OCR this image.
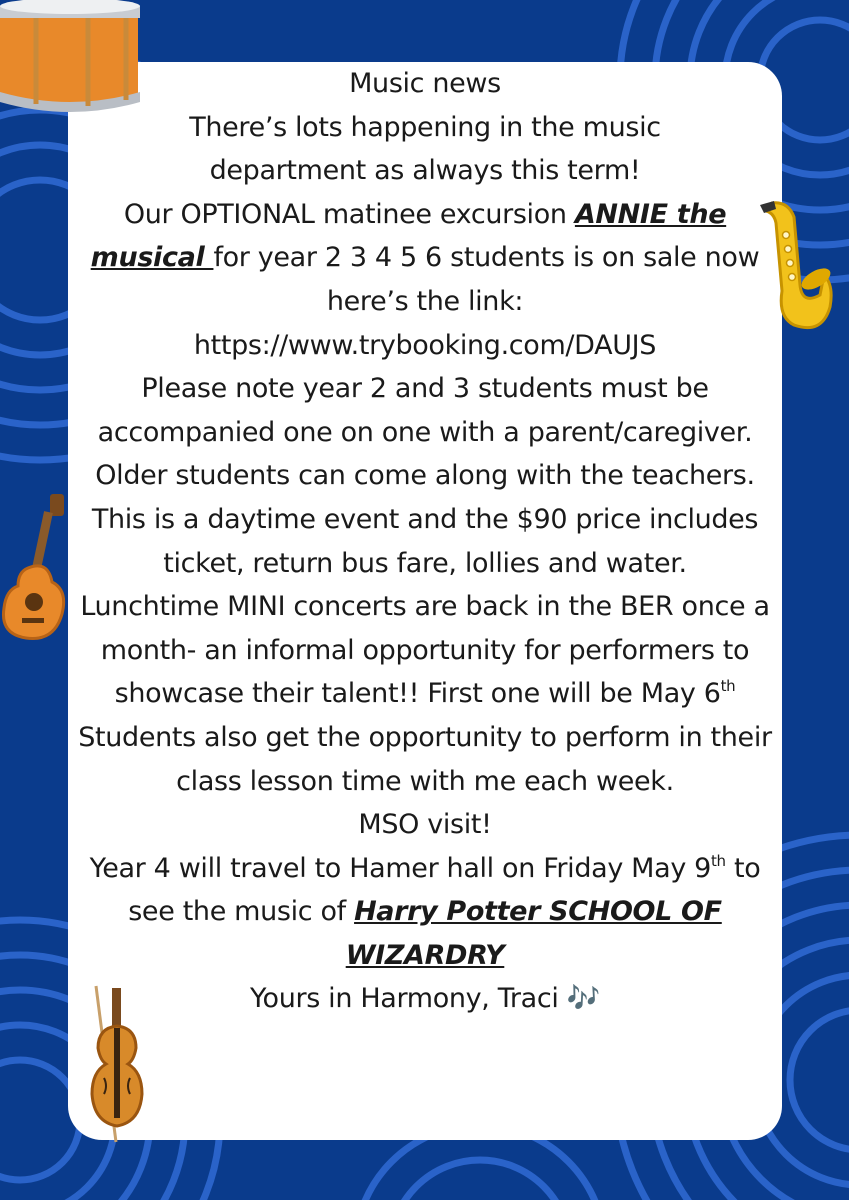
Music news

There’s lots happening in the music department as always this term!

Our OPTIONAL matinee excursion ANNIE the musical for year 2 3 4 5 6 students is on sale now here’s the link:

https://www.trybooking.com/DAUJS

Please note year 2 and 3 students must be accompanied one on one with a parent/caregiver. Older students can come along with the teachers. This is a daytime event and the $90 price includes ticket, return bus fare, lollies and water.

Lunchtime MINI concerts are back in the BER once a month- an informal opportunity for performers to showcase their talent!! First one will be May 6th

Students also get the opportunity to perform in their class lesson time with me each week.

MSO visit!

Year 4 will travel to Hamer hall on Friday May 9th to see the music of Harry Potter SCHOOL OF WIZARDRY

Yours in Harmony, Traci 🎶
